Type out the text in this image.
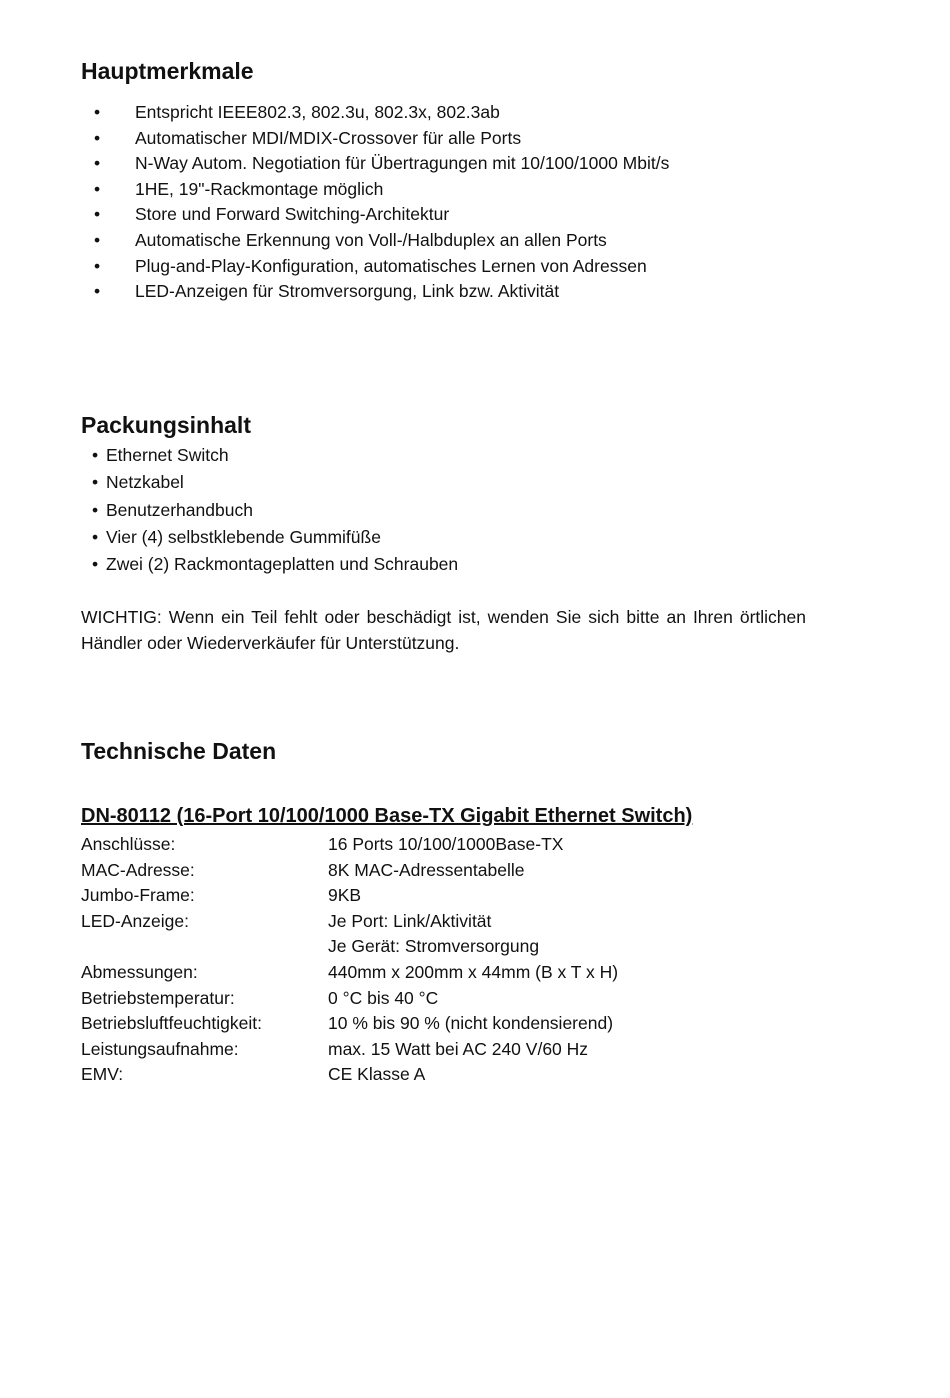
Hauptmerkmale
• Entspricht IEEE802.3, 802.3u, 802.3x, 802.3ab
• Automatischer MDI/MDIX-Crossover für alle Ports
• N-Way Autom. Negotiation für Übertragungen mit 10/100/1000 Mbit/s
• 1HE, 19"-Rackmontage möglich
• Store und Forward Switching-Architektur
• Automatische Erkennung von Voll-/Halbduplex an allen Ports
• Plug-and-Play-Konfiguration, automatisches Lernen von Adressen
• LED-Anzeigen für Stromversorgung, Link bzw. Aktivität
Packungsinhalt
• Ethernet Switch
• Netzkabel
• Benutzerhandbuch
• Vier (4) selbstklebende Gummifüße
• Zwei (2) Rackmontageplatten und Schrauben

WICHTIG: Wenn ein Teil fehlt oder beschädigt ist, wenden Sie sich bitte an Ihren örtlichen Händler oder Wiederverkäufer für Unterstützung.

Technische Daten

DN-80112 (16-Port 10/100/1000 Base-TX Gigabit Ethernet Switch)

Anschlüsse:	16 Ports 10/100/1000Base-TX
MAC-Adresse:	8K MAC-Adressentabelle
Jumbo-Frame:	9KB
LED-Anzeige:	Je Port: Link/Aktivität
Je Gerät: Stromversorgung
Abmessungen:	440mm x 200mm x 44mm (B x T x H)
Betriebstemperatur:	0 °C bis 40 °C
Betriebsluftfeuchtigkeit:	10 % bis 90 % (nicht kondensierend)
Leistungsaufnahme:	max. 15 Watt bei AC 240 V/60 Hz
EMV:	CE Klasse A
